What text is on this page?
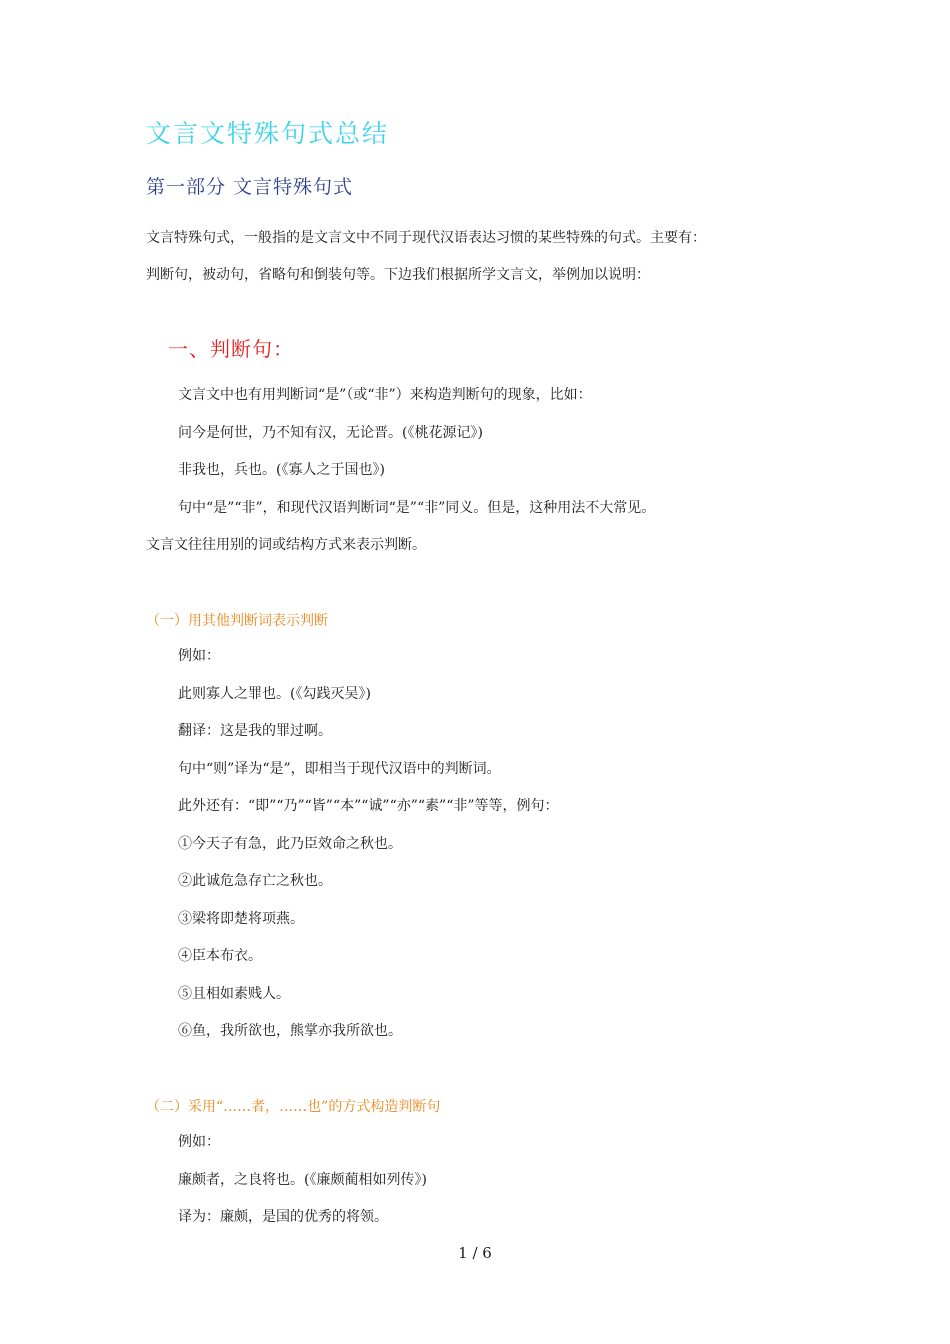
文言文特殊句式总结
第一部分 文言特殊句式
文言特殊句式，一般指的是文言文中不同于现代汉语表达习惯的某些特殊的句式。主要有：
判断句，被动句，省略句和倒装句等。下边我们根据所学文言文，举例加以说明：
一、判断句：
文言文中也有用判断词“是”（或“非”）来构造判断句的现象，比如：
问今是何世，乃不知有汉，无论晋。(《桃花源记》)
非我也，兵也。(《寡人之于国也》)
句中“是”“非”，和现代汉语判断词“是”“非”同义。但是，这种用法不大常见。
文言文往往用别的词或结构方式来表示判断。
（一）用其他判断词表示判断
例如：
此则寡人之罪也。(《勾践灭吴》)
翻译：这是我的罪过啊。
句中“则”译为“是”，即相当于现代汉语中的判断词。
此外还有：“即”“乃”“皆”“本”“诚”“亦”“素”“非”等等，例句：
①今天子有急，此乃臣效命之秋也。
②此诚危急存亡之秋也。
③梁将即楚将项燕。
④臣本布衣。
⑤且相如素贱人。
⑥鱼，我所欲也，熊掌亦我所欲也。
（二）采用“……者，……也”的方式构造判断句
例如：
廉颇者，之良将也。(《廉颇蔺相如列传》)
译为：廉颇，是国的优秀的将领。
1 / 6
